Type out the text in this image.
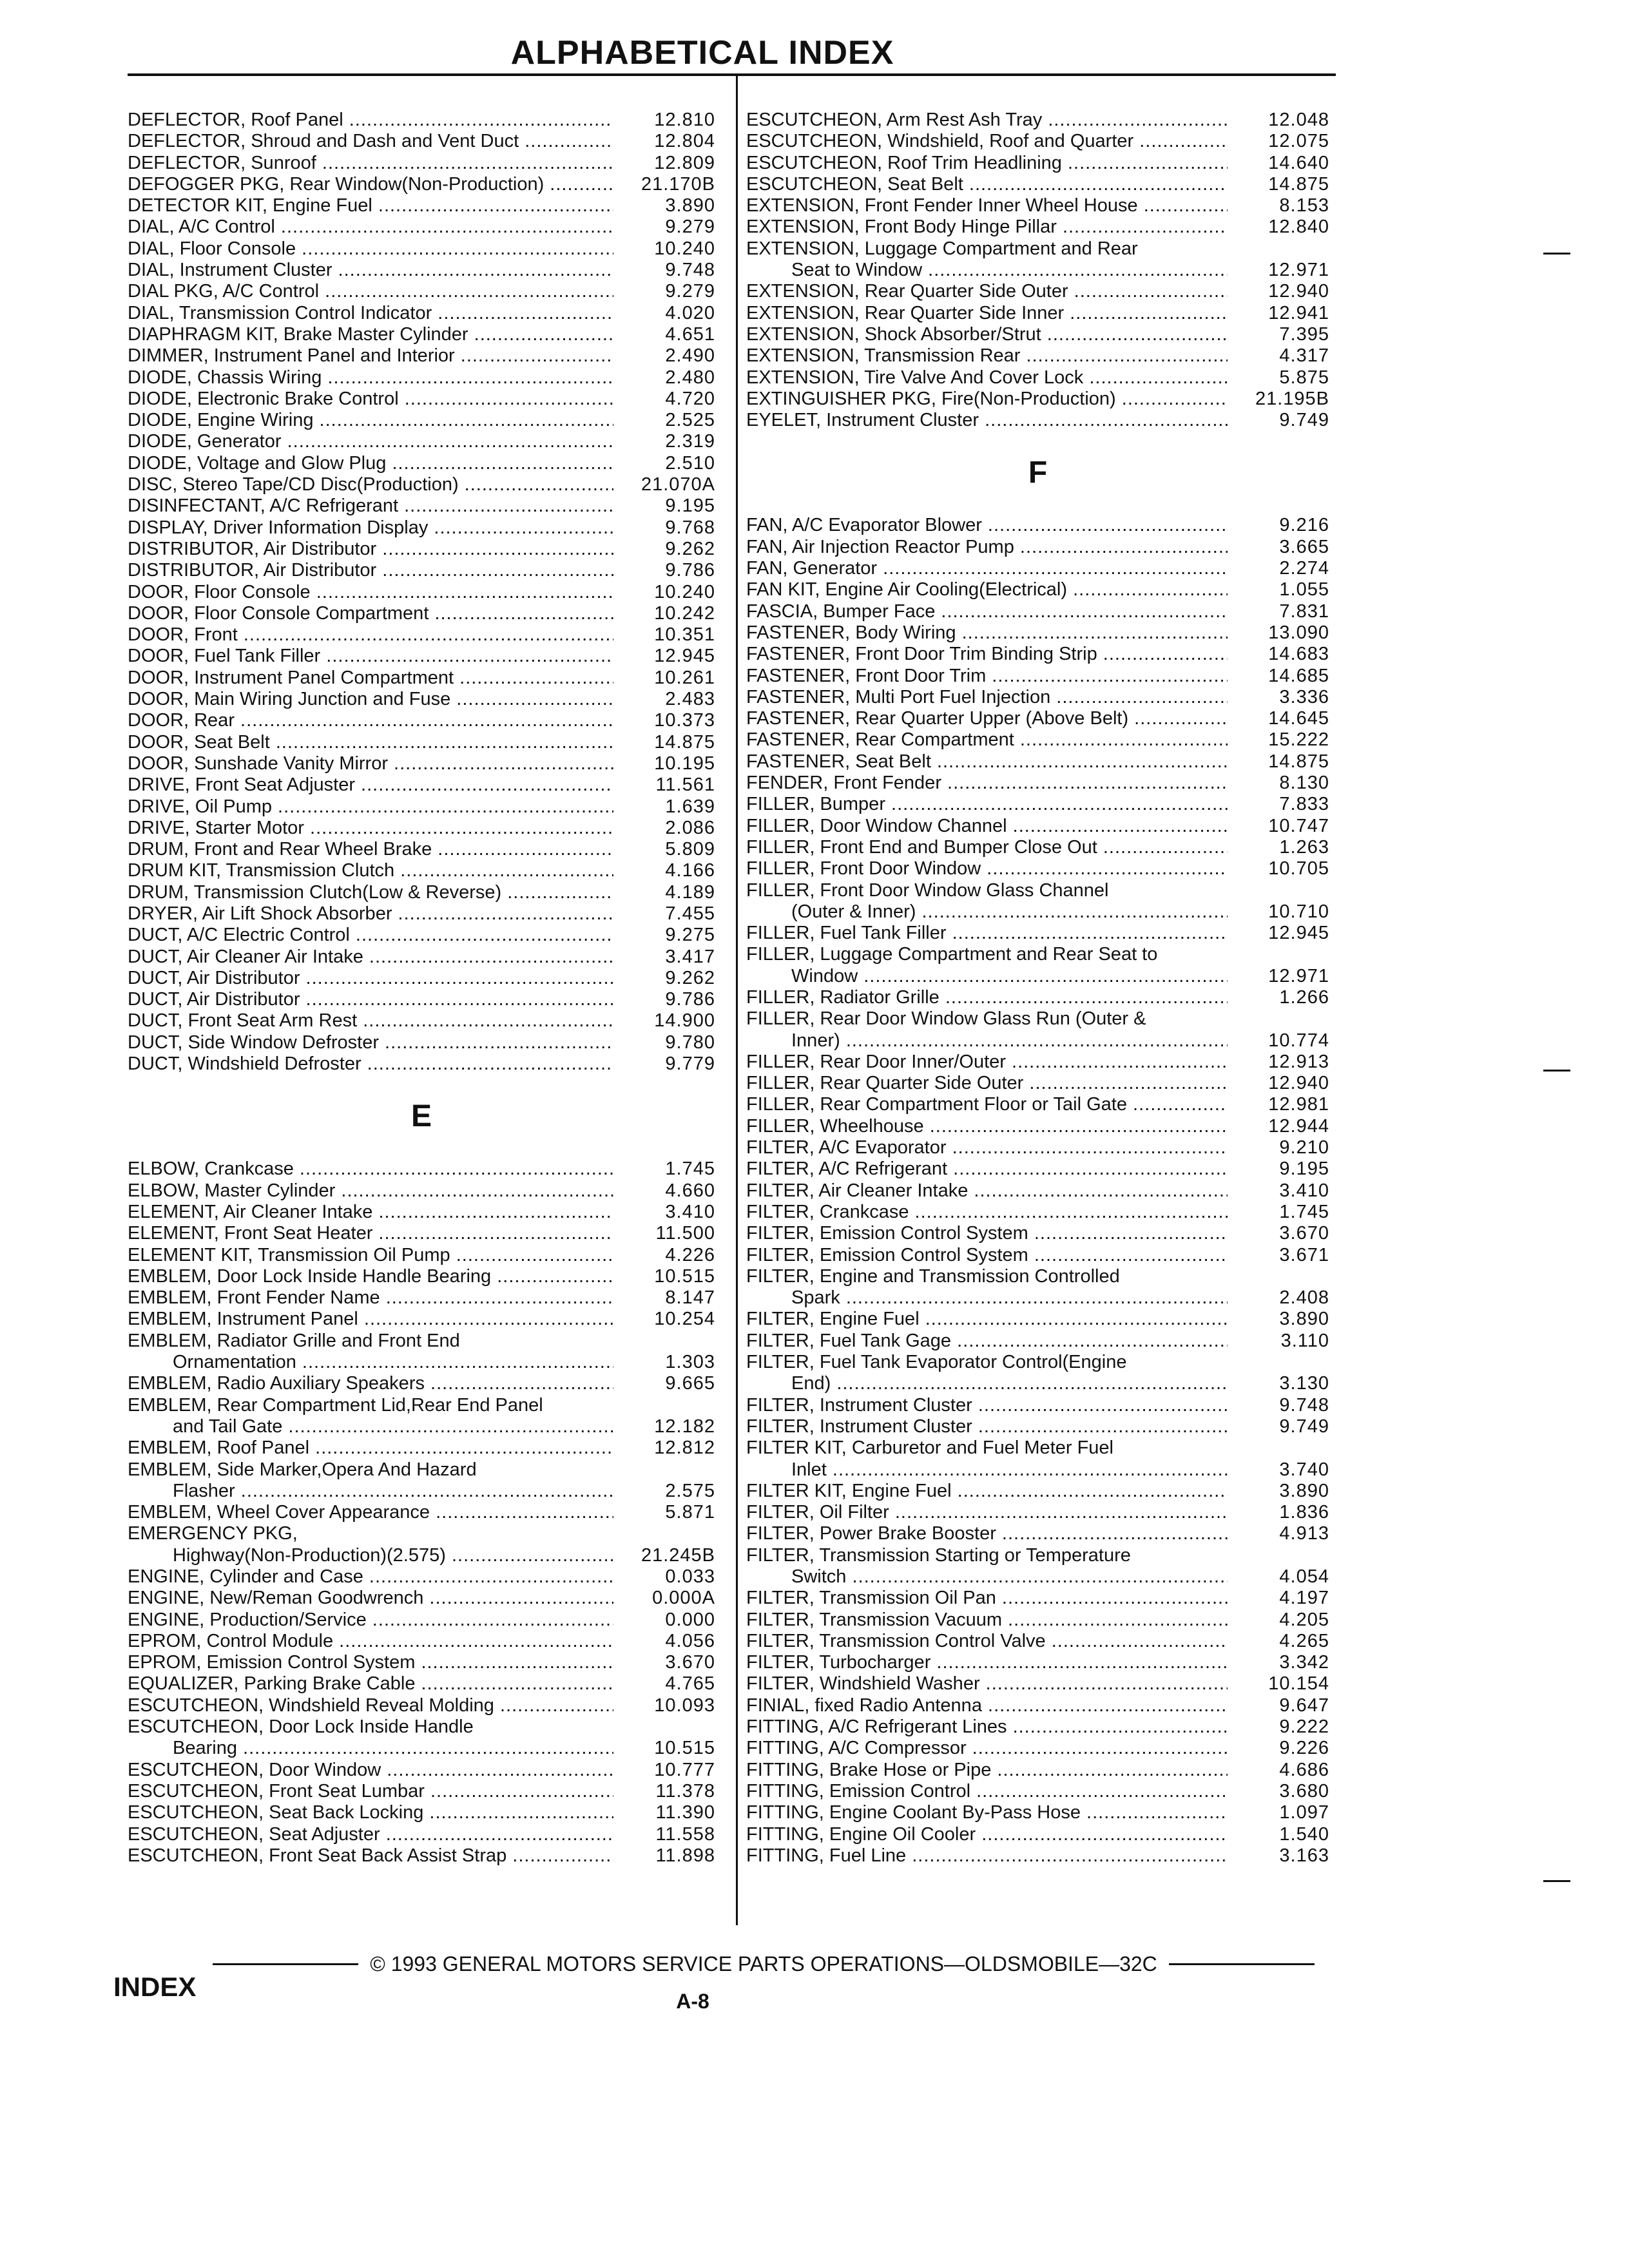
ALPHABETICAL INDEX
DEFLECTOR, Roof Panel .....	12.810
DEFLECTOR, Shroud and Dash and Vent Duct .....	12.804
DEFLECTOR, Sunroof .....	12.809
DEFOGGER PKG, Rear Window(Non-Production) .....	21.170B
DETECTOR KIT, Engine Fuel .....	3.890
DIAL, A/C Control .....	9.279
DIAL, Floor Console .....	10.240
DIAL, Instrument Cluster .....	9.748
DIAL PKG, A/C Control .....	9.279
DIAL, Transmission Control Indicator .....	4.020
DIAPHRAGM KIT, Brake Master Cylinder .....	4.651
DIMMER, Instrument Panel and Interior .....	2.490
DIODE, Chassis Wiring .....	2.480
DIODE, Electronic Brake Control .....	4.720
DIODE, Engine Wiring .....	2.525
DIODE, Generator .....	2.319
DIODE, Voltage and Glow Plug .....	2.510
DISC, Stereo Tape/CD Disc(Production) .....	21.070A
DISINFECTANT, A/C Refrigerant .....	9.195
DISPLAY, Driver Information Display .....	9.768
DISTRIBUTOR, Air Distributor .....	9.262
DISTRIBUTOR, Air Distributor .....	9.786
DOOR, Floor Console .....	10.240
DOOR, Floor Console Compartment .....	10.242
DOOR, Front .....	10.351
DOOR, Fuel Tank Filler .....	12.945
DOOR, Instrument Panel Compartment .....	10.261
DOOR, Main Wiring Junction and Fuse .....	2.483
DOOR, Rear .....	10.373
DOOR, Seat Belt .....	14.875
DOOR, Sunshade Vanity Mirror .....	10.195
DRIVE, Front Seat Adjuster .....	11.561
DRIVE, Oil Pump .....	1.639
DRIVE, Starter Motor .....	2.086
DRUM, Front and Rear Wheel Brake .....	5.809
DRUM KIT, Transmission Clutch .....	4.166
DRUM, Transmission Clutch(Low & Reverse) .....	4.189
DRYER, Air Lift Shock Absorber .....	7.455
DUCT, A/C Electric Control .....	9.275
DUCT, Air Cleaner Air Intake .....	3.417
DUCT, Air Distributor .....	9.262
DUCT, Air Distributor .....	9.786
DUCT, Front Seat Arm Rest .....	14.900
DUCT, Side Window Defroster .....	9.780
DUCT, Windshield Defroster .....	9.779
E
ELBOW, Crankcase .....	1.745
ELBOW, Master Cylinder .....	4.660
ELEMENT, Air Cleaner Intake .....	3.410
ELEMENT, Front Seat Heater .....	11.500
ELEMENT KIT, Transmission Oil Pump .....	4.226
EMBLEM, Door Lock Inside Handle Bearing .....	10.515
EMBLEM, Front Fender Name .....	8.147
EMBLEM, Instrument Panel .....	10.254
EMBLEM, Radiator Grille and Front End
Ornamentation .....	1.303
EMBLEM, Radio Auxiliary Speakers .....	9.665
EMBLEM, Rear Compartment Lid,Rear End Panel
and Tail Gate .....	12.182
EMBLEM, Roof Panel .....	12.812
EMBLEM, Side Marker,Opera And Hazard
Flasher .....	2.575
EMBLEM, Wheel Cover Appearance .....	5.871
EMERGENCY PKG,
Highway(Non-Production)(2.575) .....	21.245B
ENGINE, Cylinder and Case .....	0.033
ENGINE, New/Reman Goodwrench .....	0.000A
ENGINE, Production/Service .....	0.000
EPROM, Control Module .....	4.056
EPROM, Emission Control System .....	3.670
EQUALIZER, Parking Brake Cable .....	4.765
ESCUTCHEON, Windshield Reveal Molding .....	10.093
ESCUTCHEON, Door Lock Inside Handle
Bearing .....	10.515
ESCUTCHEON, Door Window .....	10.777
ESCUTCHEON, Front Seat Lumbar .....	11.378
ESCUTCHEON, Seat Back Locking .....	11.390
ESCUTCHEON, Seat Adjuster .....	11.558
ESCUTCHEON, Front Seat Back Assist Strap .....	11.898
ESCUTCHEON, Arm Rest Ash Tray .....	12.048
ESCUTCHEON, Windshield, Roof and Quarter .....	12.075
ESCUTCHEON, Roof Trim Headlining .....	14.640
ESCUTCHEON, Seat Belt .....	14.875
EXTENSION, Front Fender Inner Wheel House .....	8.153
EXTENSION, Front Body Hinge Pillar .....	12.840
EXTENSION, Luggage Compartment and Rear
Seat to Window .....	12.971
EXTENSION, Rear Quarter Side Outer .....	12.940
EXTENSION, Rear Quarter Side Inner .....	12.941
EXTENSION, Shock Absorber/Strut .....	7.395
EXTENSION, Transmission Rear .....	4.317
EXTENSION, Tire Valve And Cover Lock .....	5.875
EXTINGUISHER PKG, Fire(Non-Production) .....	21.195B
EYELET, Instrument Cluster .....	9.749
F
FAN, A/C Evaporator Blower .....	9.216
FAN, Air Injection Reactor Pump .....	3.665
FAN, Generator .....	2.274
FAN KIT, Engine Air Cooling(Electrical) .....	1.055
FASCIA, Bumper Face .....	7.831
FASTENER, Body Wiring .....	13.090
FASTENER, Front Door Trim Binding Strip .....	14.683
FASTENER, Front Door Trim .....	14.685
FASTENER, Multi Port Fuel Injection .....	3.336
FASTENER, Rear Quarter Upper (Above Belt) .....	14.645
FASTENER, Rear Compartment .....	15.222
FASTENER, Seat Belt .....	14.875
FENDER, Front Fender .....	8.130
FILLER, Bumper .....	7.833
FILLER, Door Window Channel .....	10.747
FILLER, Front End and Bumper Close Out .....	1.263
FILLER, Front Door Window .....	10.705
FILLER, Front Door Window Glass Channel
(Outer & Inner) .....	10.710
FILLER, Fuel Tank Filler .....	12.945
FILLER, Luggage Compartment and Rear Seat to
Window .....	12.971
FILLER, Radiator Grille .....	1.266
FILLER, Rear Door Window Glass Run (Outer &
Inner) .....	10.774
FILLER, Rear Door Inner/Outer .....	12.913
FILLER, Rear Quarter Side Outer .....	12.940
FILLER, Rear Compartment Floor or Tail Gate .....	12.981
FILLER, Wheelhouse .....	12.944
FILTER, A/C Evaporator .....	9.210
FILTER, A/C Refrigerant .....	9.195
FILTER, Air Cleaner Intake .....	3.410
FILTER, Crankcase .....	1.745
FILTER, Emission Control System .....	3.670
FILTER, Emission Control System .....	3.671
FILTER, Engine and Transmission Controlled
Spark .....	2.408
FILTER, Engine Fuel .....	3.890
FILTER, Fuel Tank Gage .....	3.110
FILTER, Fuel Tank Evaporator Control(Engine
End) .....	3.130
FILTER, Instrument Cluster .....	9.748
FILTER, Instrument Cluster .....	9.749
FILTER KIT, Carburetor and Fuel Meter Fuel
Inlet .....	3.740
FILTER KIT, Engine Fuel .....	3.890
FILTER, Oil Filter .....	1.836
FILTER, Power Brake Booster .....	4.913
FILTER, Transmission Starting or Temperature
Switch .....	4.054
FILTER, Transmission Oil Pan .....	4.197
FILTER, Transmission Vacuum .....	4.205
FILTER, Transmission Control Valve .....	4.265
FILTER, Turbocharger .....	3.342
FILTER, Windshield Washer .....	10.154
FINIAL, fixed Radio Antenna .....	9.647
FITTING, A/C Refrigerant Lines .....	9.222
FITTING, A/C Compressor .....	9.226
FITTING, Brake Hose or Pipe .....	4.686
FITTING, Emission Control .....	3.680
FITTING, Engine Coolant By-Pass Hose .....	1.097
FITTING, Engine Oil Cooler .....	1.540
FITTING, Fuel Line .....	3.163
© 1993 GENERAL MOTORS SERVICE PARTS OPERATIONS—OLDSMOBILE—32C
INDEX	A-8
